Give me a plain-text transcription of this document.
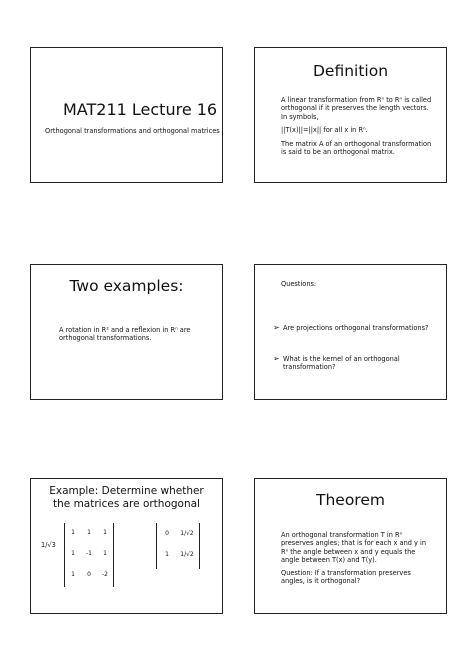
MAT211 Lecture 16
Orthogonal transformations and orthogonal matrices
Definition

A linear transformation from Rⁿ to Rⁿ is called orthogonal if it preserves the length vectors. In symbols,

||T(x)||=||x|| for all x in Rⁿ.

The matrix A of an orthogonal transformation is said to be an orthogonal matrix.

Two examples:
A rotation in R² and a reflexion in Rⁿ are orthogonal transformations.
Questions:
➢ Are projections orthogonal transformations?
➢ What is the kernel of an orthogonal transformation?
Example: Determine whether
the matrices are orthogonal
1/√3
1	1	1
1	-1	1
1	0	-2
0	1/√2
1	1/√2
Theorem

An orthogonal transformation T in Rⁿ preserves angles; that is for each x and y in Rⁿ the angle between x and y equals the angle between T(x) and T(y).

Question: If a transformation preserves angles, is it orthogonal?
